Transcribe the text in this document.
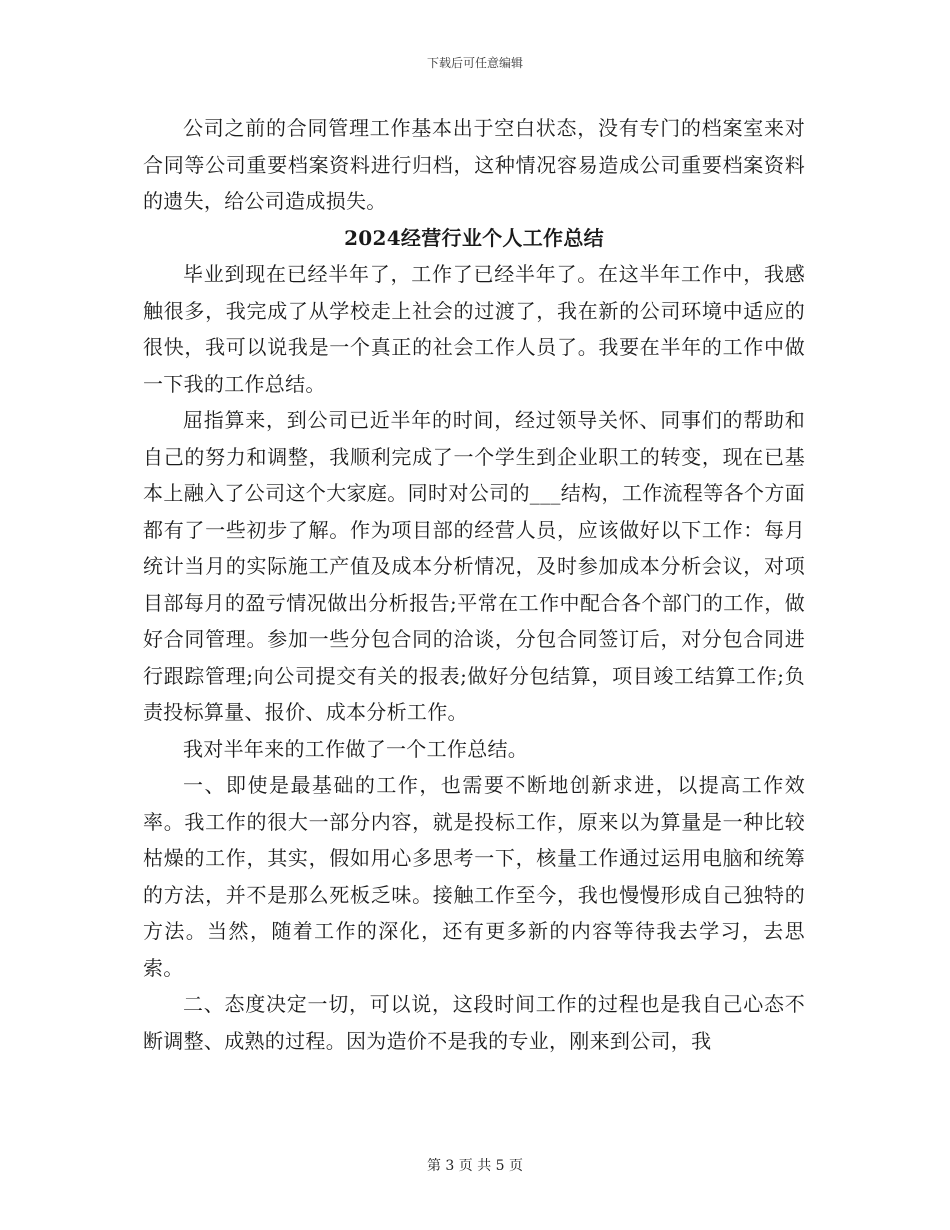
下载后可任意编辑

公司之前的合同管理工作基本出于空白状态，没有专门的档案室来对合同等公司重要档案资料进行归档，这种情况容易造成公司重要档案资料的遗失，给公司造成损失。

2024经营行业个人工作总结

毕业到现在已经半年了，工作了已经半年了。在这半年工作中，我感触很多，我完成了从学校走上社会的过渡了，我在新的公司环境中适应的很快，我可以说我是一个真正的社会工作人员了。我要在半年的工作中做一下我的工作总结。

屈指算来，到公司已近半年的时间，经过领导关怀、同事们的帮助和自己的努力和调整，我顺利完成了一个学生到企业职工的转变，现在已基本上融入了公司这个大家庭。同时对公司的___结构，工作流程等各个方面都有了一些初步了解。作为项目部的经营人员，应该做好以下工作：每月统计当月的实际施工产值及成本分析情况，及时参加成本分析会议，对项目部每月的盈亏情况做出分析报告;平常在工作中配合各个部门的工作，做好合同管理。参加一些分包合同的洽谈，分包合同签订后，对分包合同进行跟踪管理;向公司提交有关的报表;做好分包结算，项目竣工结算工作;负责投标算量、报价、成本分析工作。

我对半年来的工作做了一个工作总结。

一、即使是最基础的工作，也需要不断地创新求进，以提高工作效率。我工作的很大一部分内容，就是投标工作，原来以为算量是一种比较枯燥的工作，其实，假如用心多思考一下，核量工作通过运用电脑和统筹的方法，并不是那么死板乏味。接触工作至今，我也慢慢形成自己独特的方法。当然，随着工作的深化，还有更多新的内容等待我去学习，去思索。

二、态度决定一切，可以说，这段时间工作的过程也是我自己心态不断调整、成熟的过程。因为造价不是我的专业，刚来到公司，我

第 3 页 共 5 页
